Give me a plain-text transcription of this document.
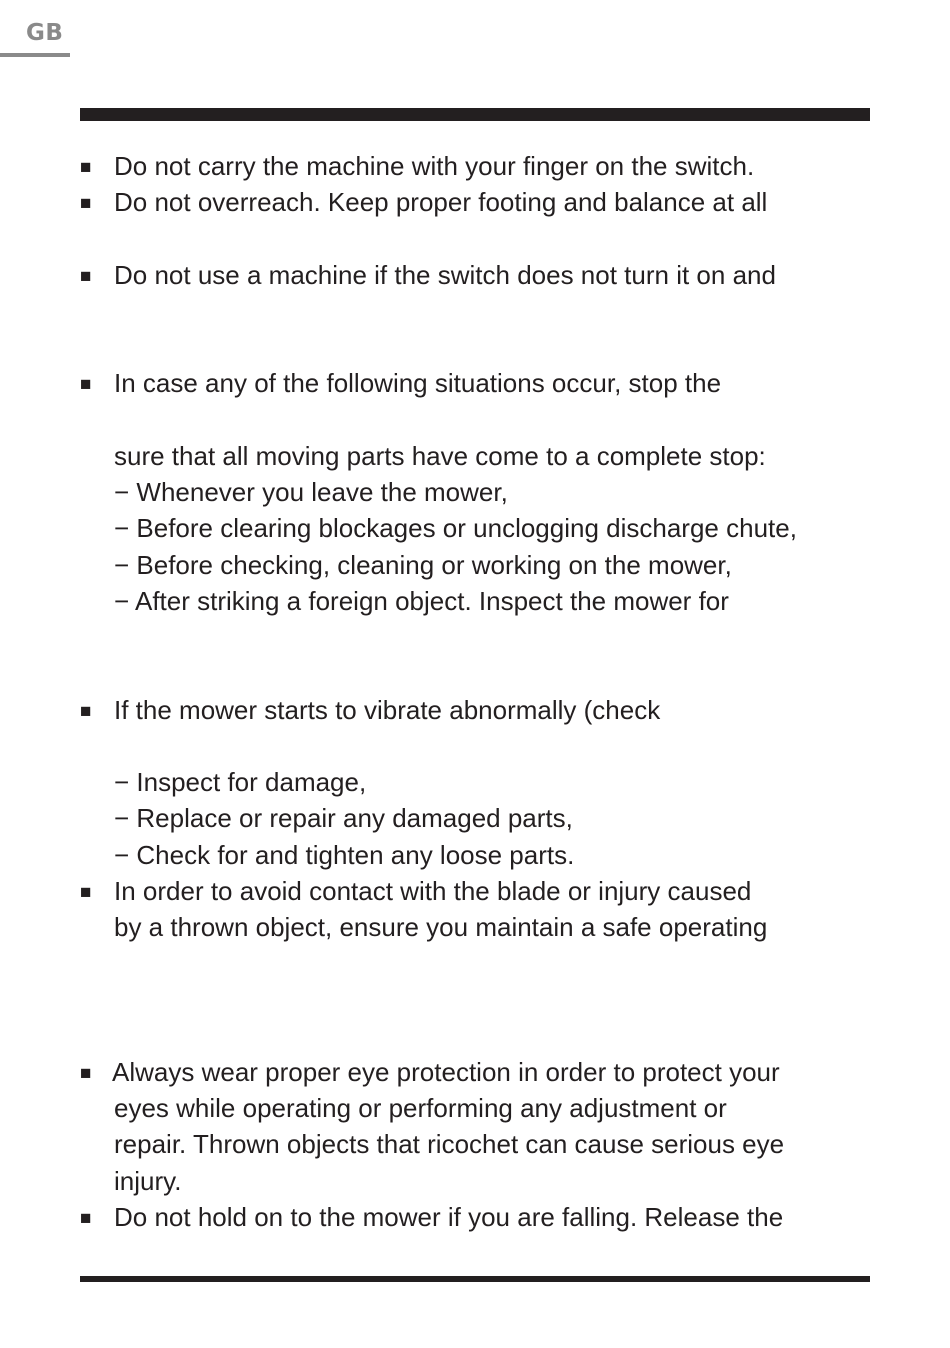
GB
■
■
■
■
■
■
■
■
Do not carry the machine with your finger on the switch.
Do not overreach. Keep proper footing and balance at all
Do not use a machine if the switch does not turn it on and
In case any of the following situations occur, stop the
sure that all moving parts have come to a complete stop:
− Whenever you leave the mower,
− Before clearing blockages or unclogging discharge chute,
− Before checking, cleaning or working on the mower,
− After striking a foreign object. Inspect the mower for
If the mower starts to vibrate abnormally (check
− Inspect for damage,
− Replace or repair any damaged parts,
− Check for and tighten any loose parts.
In order to avoid contact with the blade or injury caused
by a thrown object, ensure you maintain a safe operating
Always wear proper eye protection in order to protect your
eyes while operating or performing any adjustment or
repair. Thrown objects that ricochet can cause serious eye
injury.
Do not hold on to the mower if you are falling. Release the
